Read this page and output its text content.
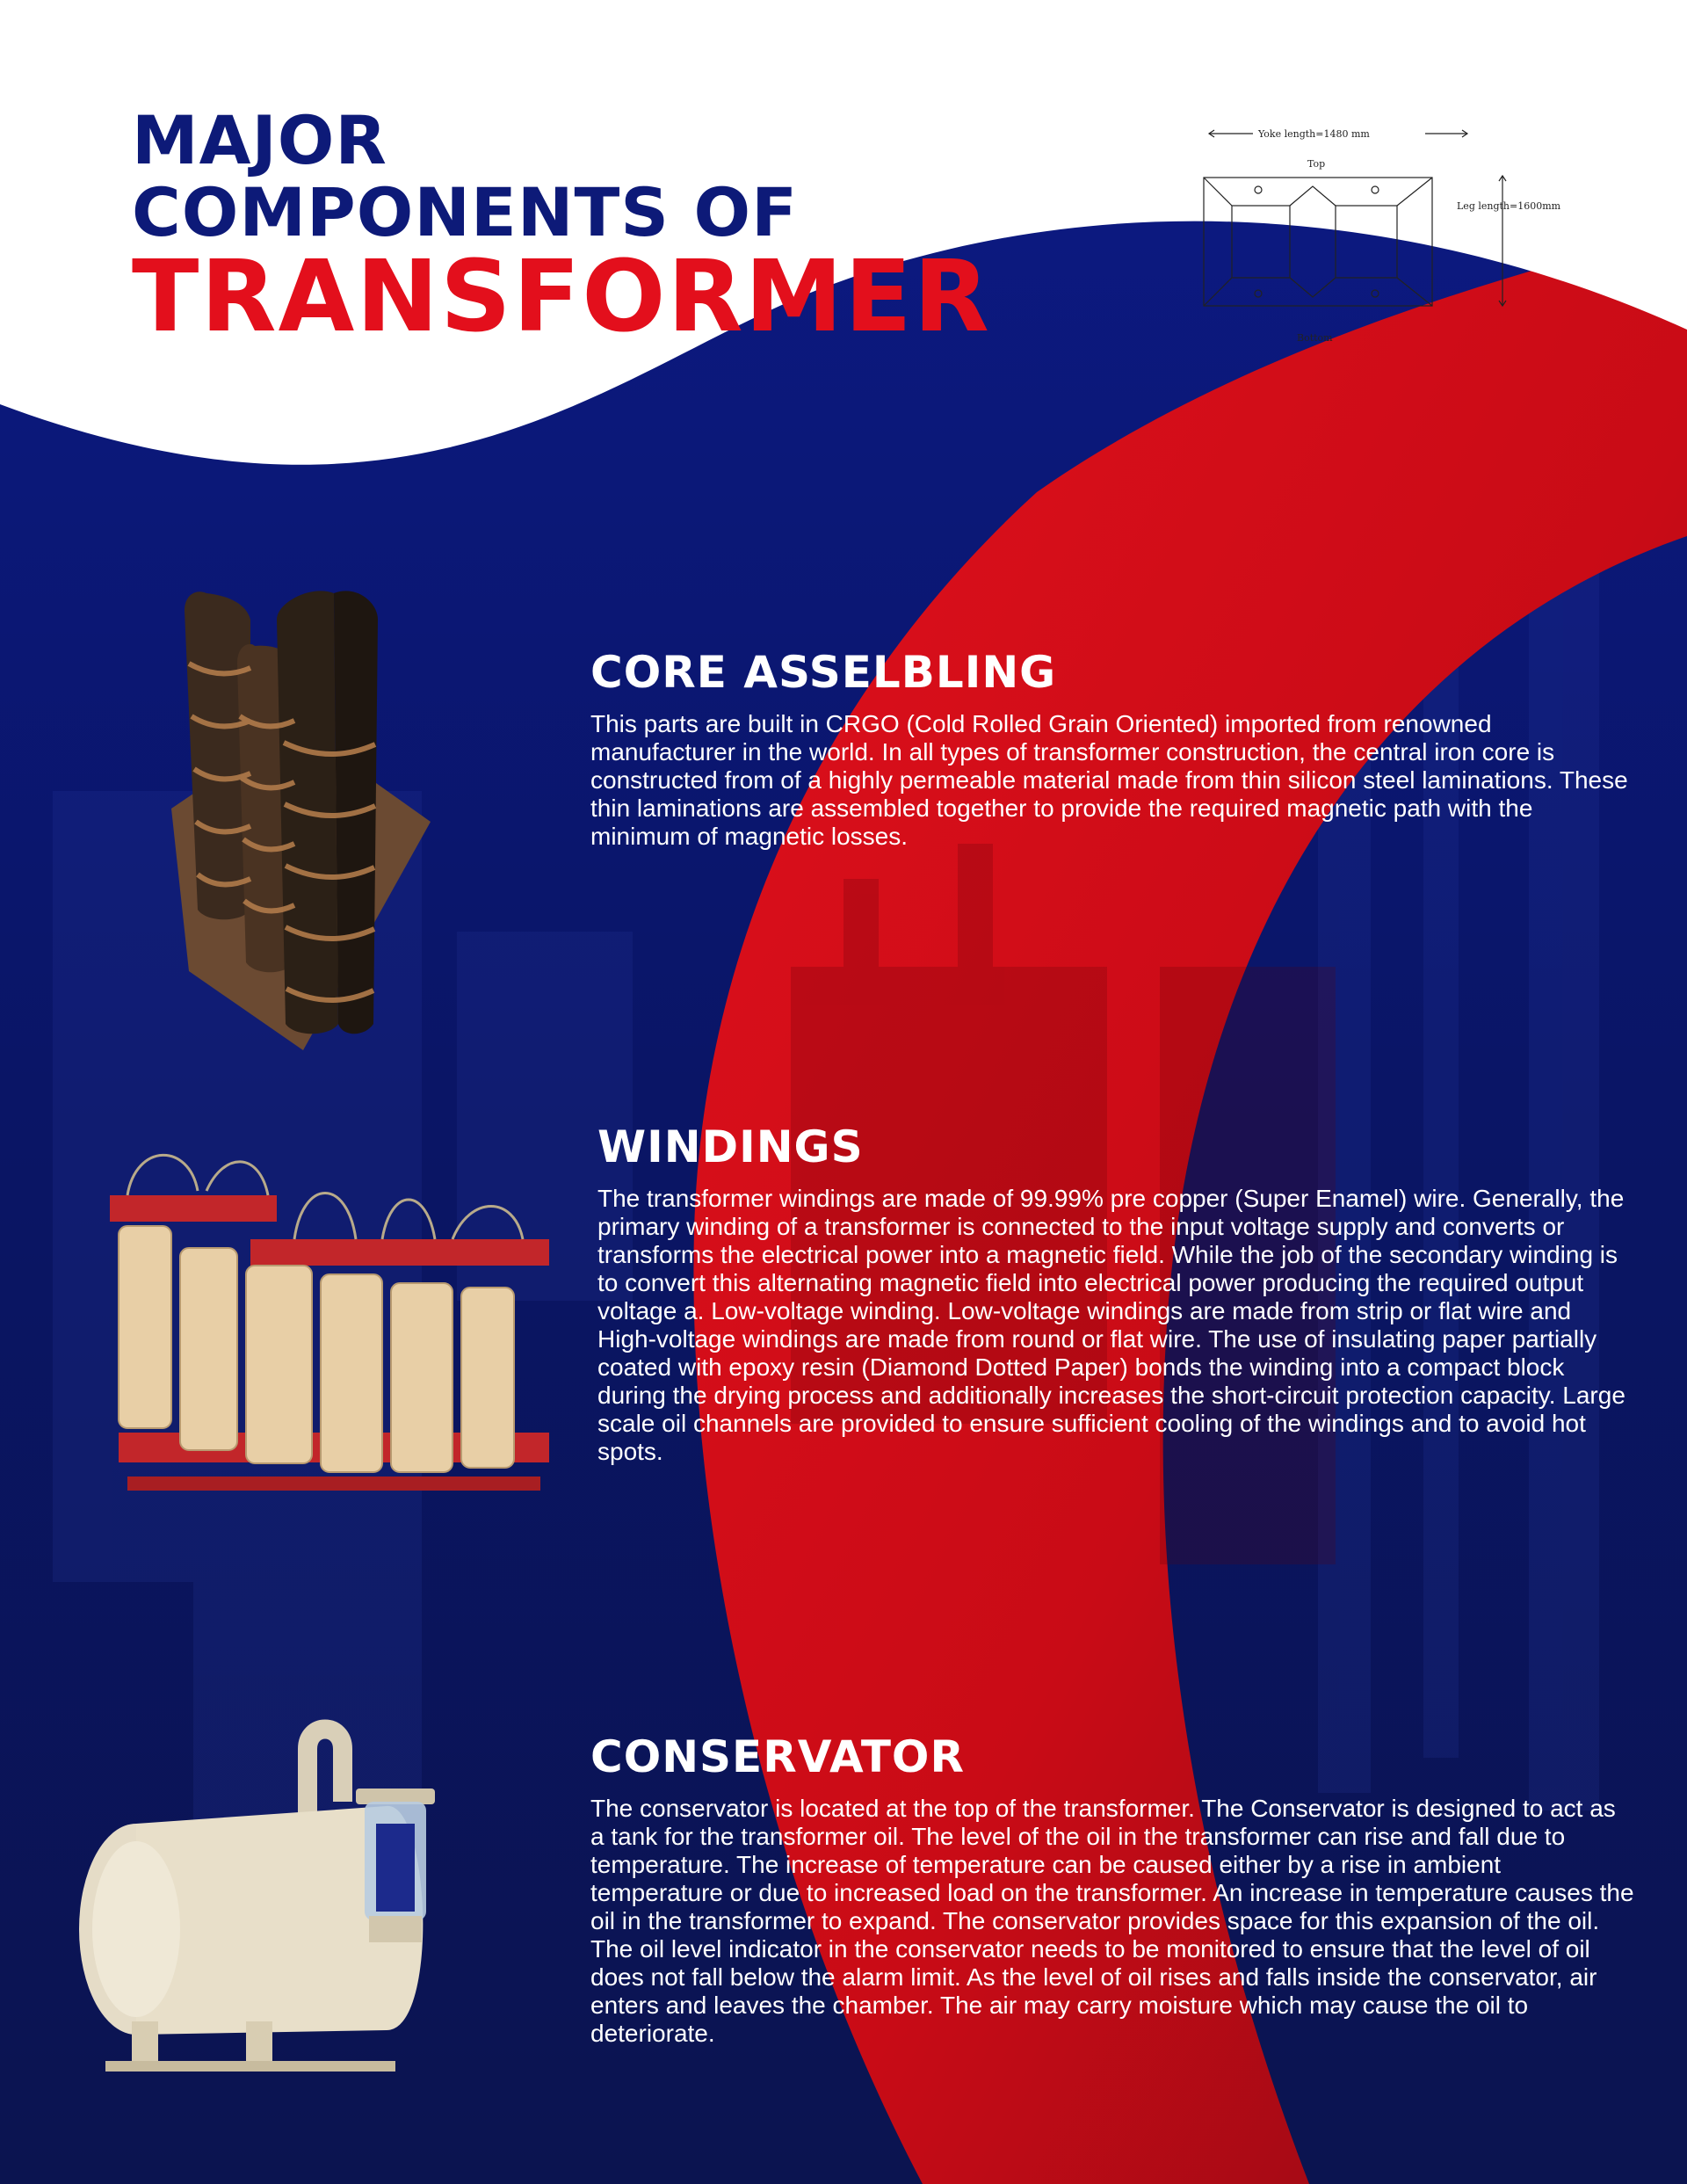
MAJOR
COMPONENTS OF
TRANSFORMER
Yoke length=1480 mm
Top
Leg length=1600mm
Bottom
CORE ASSELBLING

This parts are built in CRGO (Cold Rolled Grain Oriented) imported from renowned manufacturer in the world. In all types of transformer construction, the central iron core is constructed from of a highly permeable material made from thin silicon steel laminations. These thin laminations are assembled together to provide the required magnetic path with the minimum of magnetic losses.

WINDINGS

The transformer windings are made of 99.99% pre copper (Super Enamel) wire. Generally, the primary winding of a transformer is connected to the input voltage supply and converts or transforms the electrical power into a magnetic field. While the job of the secondary winding is to convert this alternating magnetic field into electrical power producing the required output voltage a. Low-voltage winding. Low-voltage windings are made from strip or flat wire and High-voltage windings are made from round or flat wire. The use of insulating paper partially coated with epoxy resin (Diamond Dotted Paper) bonds the winding into a compact block during the drying process and additionally increases the short-circuit protection capacity. Large scale oil channels are provided to ensure sufficient cooling of the windings and to avoid hot spots.

CONSERVATOR

The conservator is located at the top of the transformer. The Conservator is designed to act as a tank for the transformer oil. The level of the oil in the transformer can rise and fall due to temperature. The increase of temperature can be caused either by a rise in ambient temperature or due to increased load on the transformer. An increase in temperature causes the oil in the transformer to expand. The conservator provides space for this expansion of the oil. The oil level indicator in the conservator needs to be monitored to ensure that the level of oil does not fall below the alarm limit. As the level of oil rises and falls inside the conservator, air enters and leaves the chamber. The air may carry moisture which may cause the oil to deteriorate.
